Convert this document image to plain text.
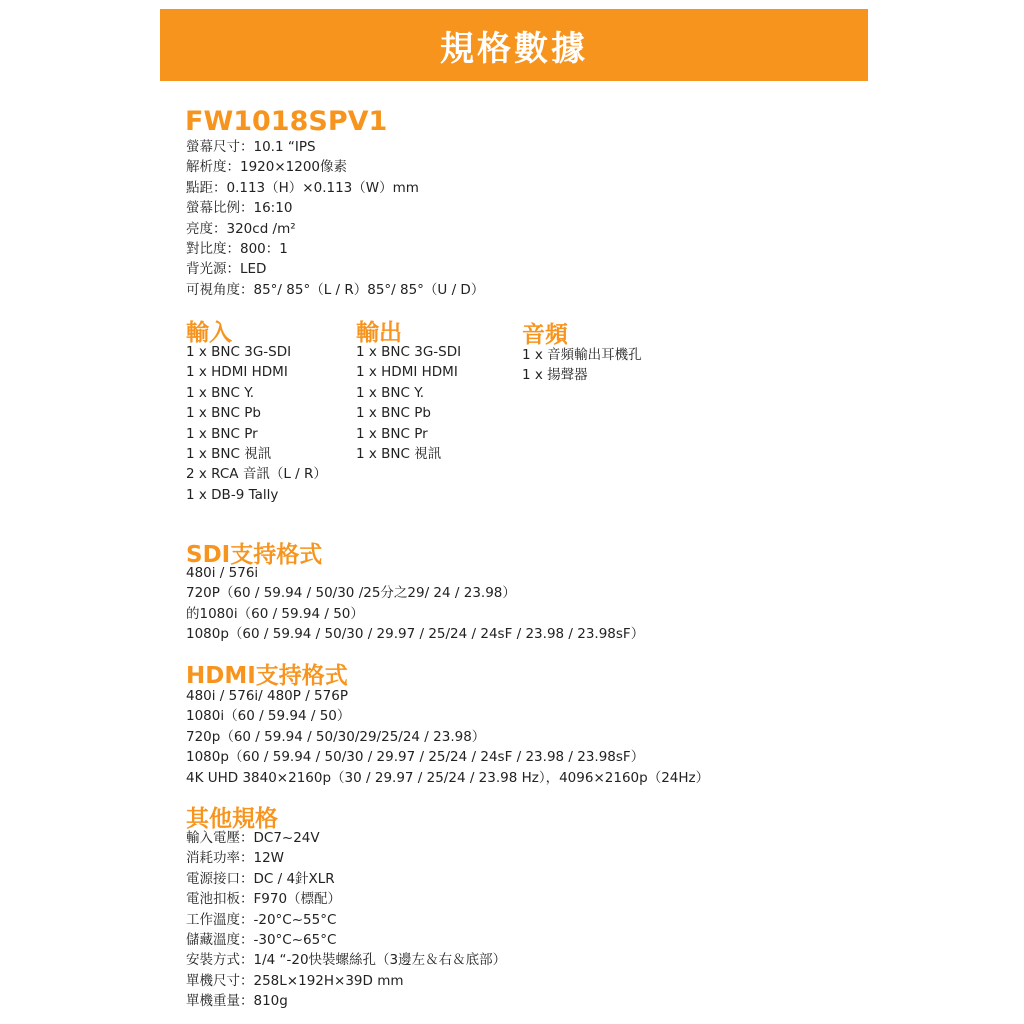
規格數據
FW1018SPV1
螢幕尺寸：10.1 “IPS
解析度：1920×1200像素
點距：0.113（H）×0.113（W）mm
螢幕比例：16:10
亮度：320cd /m²
對比度：800：1
背光源：LED
可視角度：85°/ 85°（L / R）85°/ 85°（U / D）
輸入
1 x BNC 3G-SDI
1 x HDMI HDMI
1 x BNC Y.
1 x BNC Pb
1 x BNC Pr
1 x BNC 視訊
2 x RCA 音訊（L / R）
1 x DB-9 Tally
輸出
1 x BNC 3G-SDI
1 x HDMI HDMI
1 x BNC Y.
1 x BNC Pb
1 x BNC Pr
1 x BNC 視訊
音頻
1 x 音頻輸出耳機孔
1 x 揚聲器
SDI支持格式
480i / 576i
720P（60 / 59.94 / 50/30 /25分之29/ 24 / 23.98）
的1080i（60 / 59.94 / 50）
1080p（60 / 59.94 / 50/30 / 29.97 / 25/24 / 24sF / 23.98 / 23.98sF）
HDMI支持格式
480i / 576i/ 480P / 576P
1080i（60 / 59.94 / 50）
720p（60 / 59.94 / 50/30/29/25/24 / 23.98）
1080p（60 / 59.94 / 50/30 / 29.97 / 25/24 / 24sF / 23.98 / 23.98sF）
4K UHD 3840×2160p（30 / 29.97 / 25/24 / 23.98 Hz），4096×2160p（24Hz）
其他規格
輸入電壓：DC7~24V
消耗功率：12W
電源接口：DC / 4針XLR
電池扣板：F970（標配）
工作溫度：-20°C~55°C
儲藏溫度：-30°C~65°C
安裝方式：1/4 “-20快裝螺絲孔（3邊左＆右＆底部）
單機尺寸：258L×192H×39D mm
單機重量：810g
